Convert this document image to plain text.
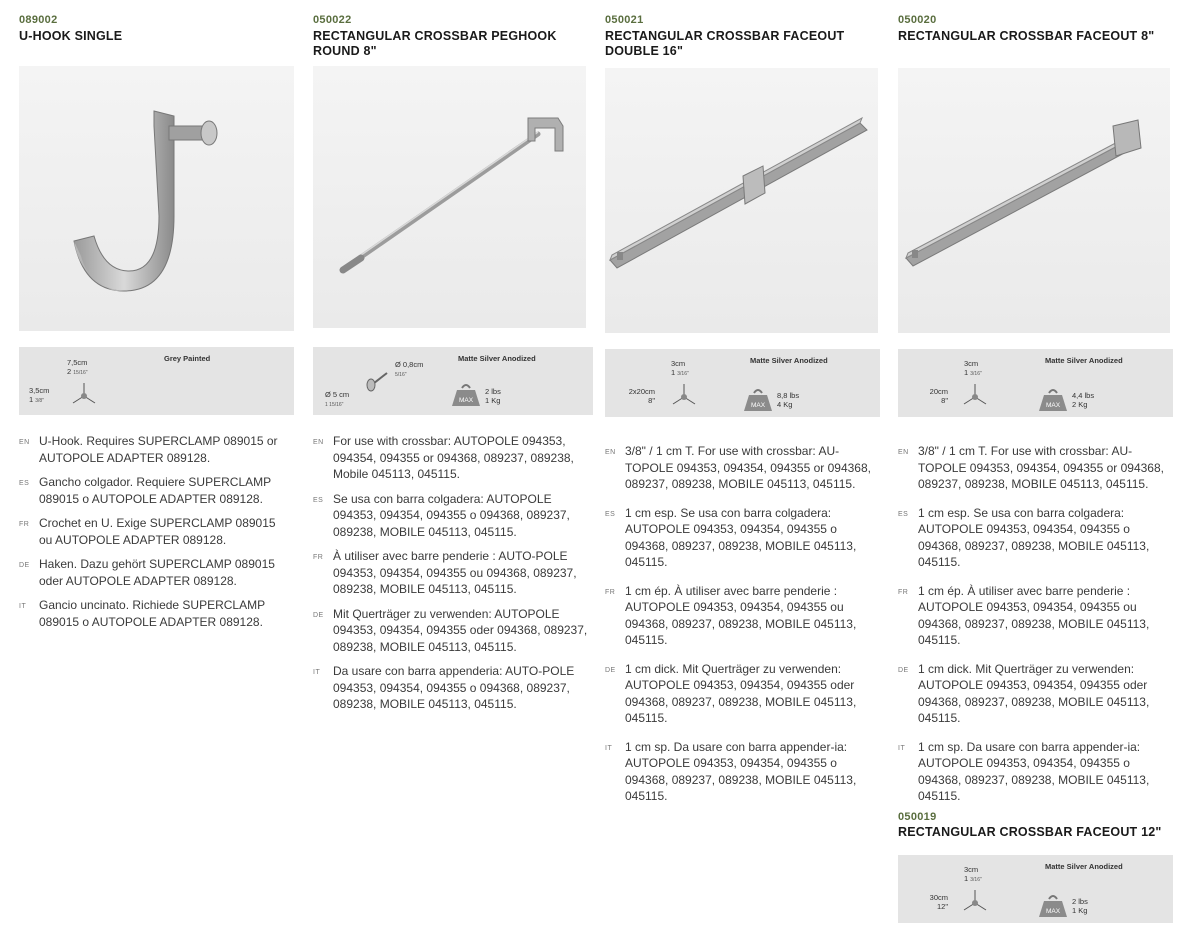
089002
U-HOOK SINGLE
Grey Painted
7,5cm
2 15/16"
3,5cm
1 3/8"
EN U-Hook. Requires SUPERCLAMP 089015 or AUTOPOLE ADAPTER 089128.
ES Gancho colgador. Requiere SUPERCLAMP 089015 o AUTOPOLE ADAPTER 089128.
FR Crochet en U. Exige SUPERCLAMP 089015 ou AUTOPOLE ADAPTER 089128.
DE Haken. Dazu gehört SUPERCLAMP 089015 oder AUTOPOLE ADAPTER 089128.
IT Gancio uncinato. Richiede SUPERCLAMP 089015 o AUTOPOLE ADAPTER 089128.
050022
RECTANGULAR CROSSBAR PEGHOOK ROUND 8"
Matte Silver Anodized
Ø 0,8cm
5/16"
Ø 5 cm
1 15/16"
MAX
2 lbs
1 Kg
EN For use with crossbar: AUTOPOLE 094353, 094354, 094355 or 094368, 089237, 089238, Mobile 045113, 045115.
ES Se usa con barra colgadera: AUTOPOLE 094353, 094354, 094355 o 094368, 089237, 089238, MOBILE 045113, 045115.
FR À utiliser avec barre penderie : AUTO-POLE 094353, 094354, 094355 ou 094368, 089237, 089238, MOBILE 045113, 045115.
DE Mit Querträger zu verwenden: AUTOPOLE 094353, 094354, 094355 oder 094368, 089237, 089238, MOBILE 045113, 045115.
IT Da usare con barra appenderia: AUTO-POLE 094353, 094354, 094355 o 094368, 089237, 089238, MOBILE 045113, 045115.
050021
RECTANGULAR CROSSBAR FACEOUT DOUBLE 16"
Matte Silver Anodized
3cm
1 3/16"
2x20cm
8"
MAX
8,8 lbs
4 Kg
EN 3/8" / 1 cm T. For use with crossbar: AU-TOPOLE 094353, 094354, 094355 or 094368, 089237, 089238, MOBILE 045113, 045115.
ES 1 cm esp. Se usa con barra colgadera: AUTOPOLE 094353, 094354, 094355 o 094368, 089237, 089238, MOBILE 045113, 045115.
FR 1 cm ép. À utiliser avec barre penderie : AUTOPOLE 094353, 094354, 094355 ou 094368, 089237, 089238, MOBILE 045113, 045115.
DE 1 cm dick. Mit Querträger zu verwenden: AUTOPOLE 094353, 094354, 094355 oder 094368, 089237, 089238, MOBILE 045113, 045115.
IT 1 cm sp. Da usare con barra appender-ia: AUTOPOLE 094353, 094354, 094355 o 094368, 089237, 089238, MOBILE 045113, 045115.
050020
RECTANGULAR CROSSBAR FACEOUT 8"
Matte Silver Anodized
3cm
1 3/16"
20cm
8"
MAX
4,4 lbs
2 Kg
EN 3/8" / 1 cm T. For use with crossbar: AU-TOPOLE 094353, 094354, 094355 or 094368, 089237, 089238, MOBILE 045113, 045115.
ES 1 cm esp. Se usa con barra colgadera: AUTOPOLE 094353, 094354, 094355 o 094368, 089237, 089238, MOBILE 045113, 045115.
FR 1 cm ép. À utiliser avec barre penderie : AUTOPOLE 094353, 094354, 094355 ou 094368, 089237, 089238, MOBILE 045113, 045115.
DE 1 cm dick. Mit Querträger zu verwenden: AUTOPOLE 094353, 094354, 094355 oder 094368, 089237, 089238, MOBILE 045113, 045115.
IT 1 cm sp. Da usare con barra appender-ia: AUTOPOLE 094353, 094354, 094355 o 094368, 089237, 089238, MOBILE 045113, 045115.
050019
RECTANGULAR CROSSBAR FACEOUT 12"
Matte Silver Anodized
3cm
1 3/16"
30cm
12"
MAX
2 lbs
1 Kg
